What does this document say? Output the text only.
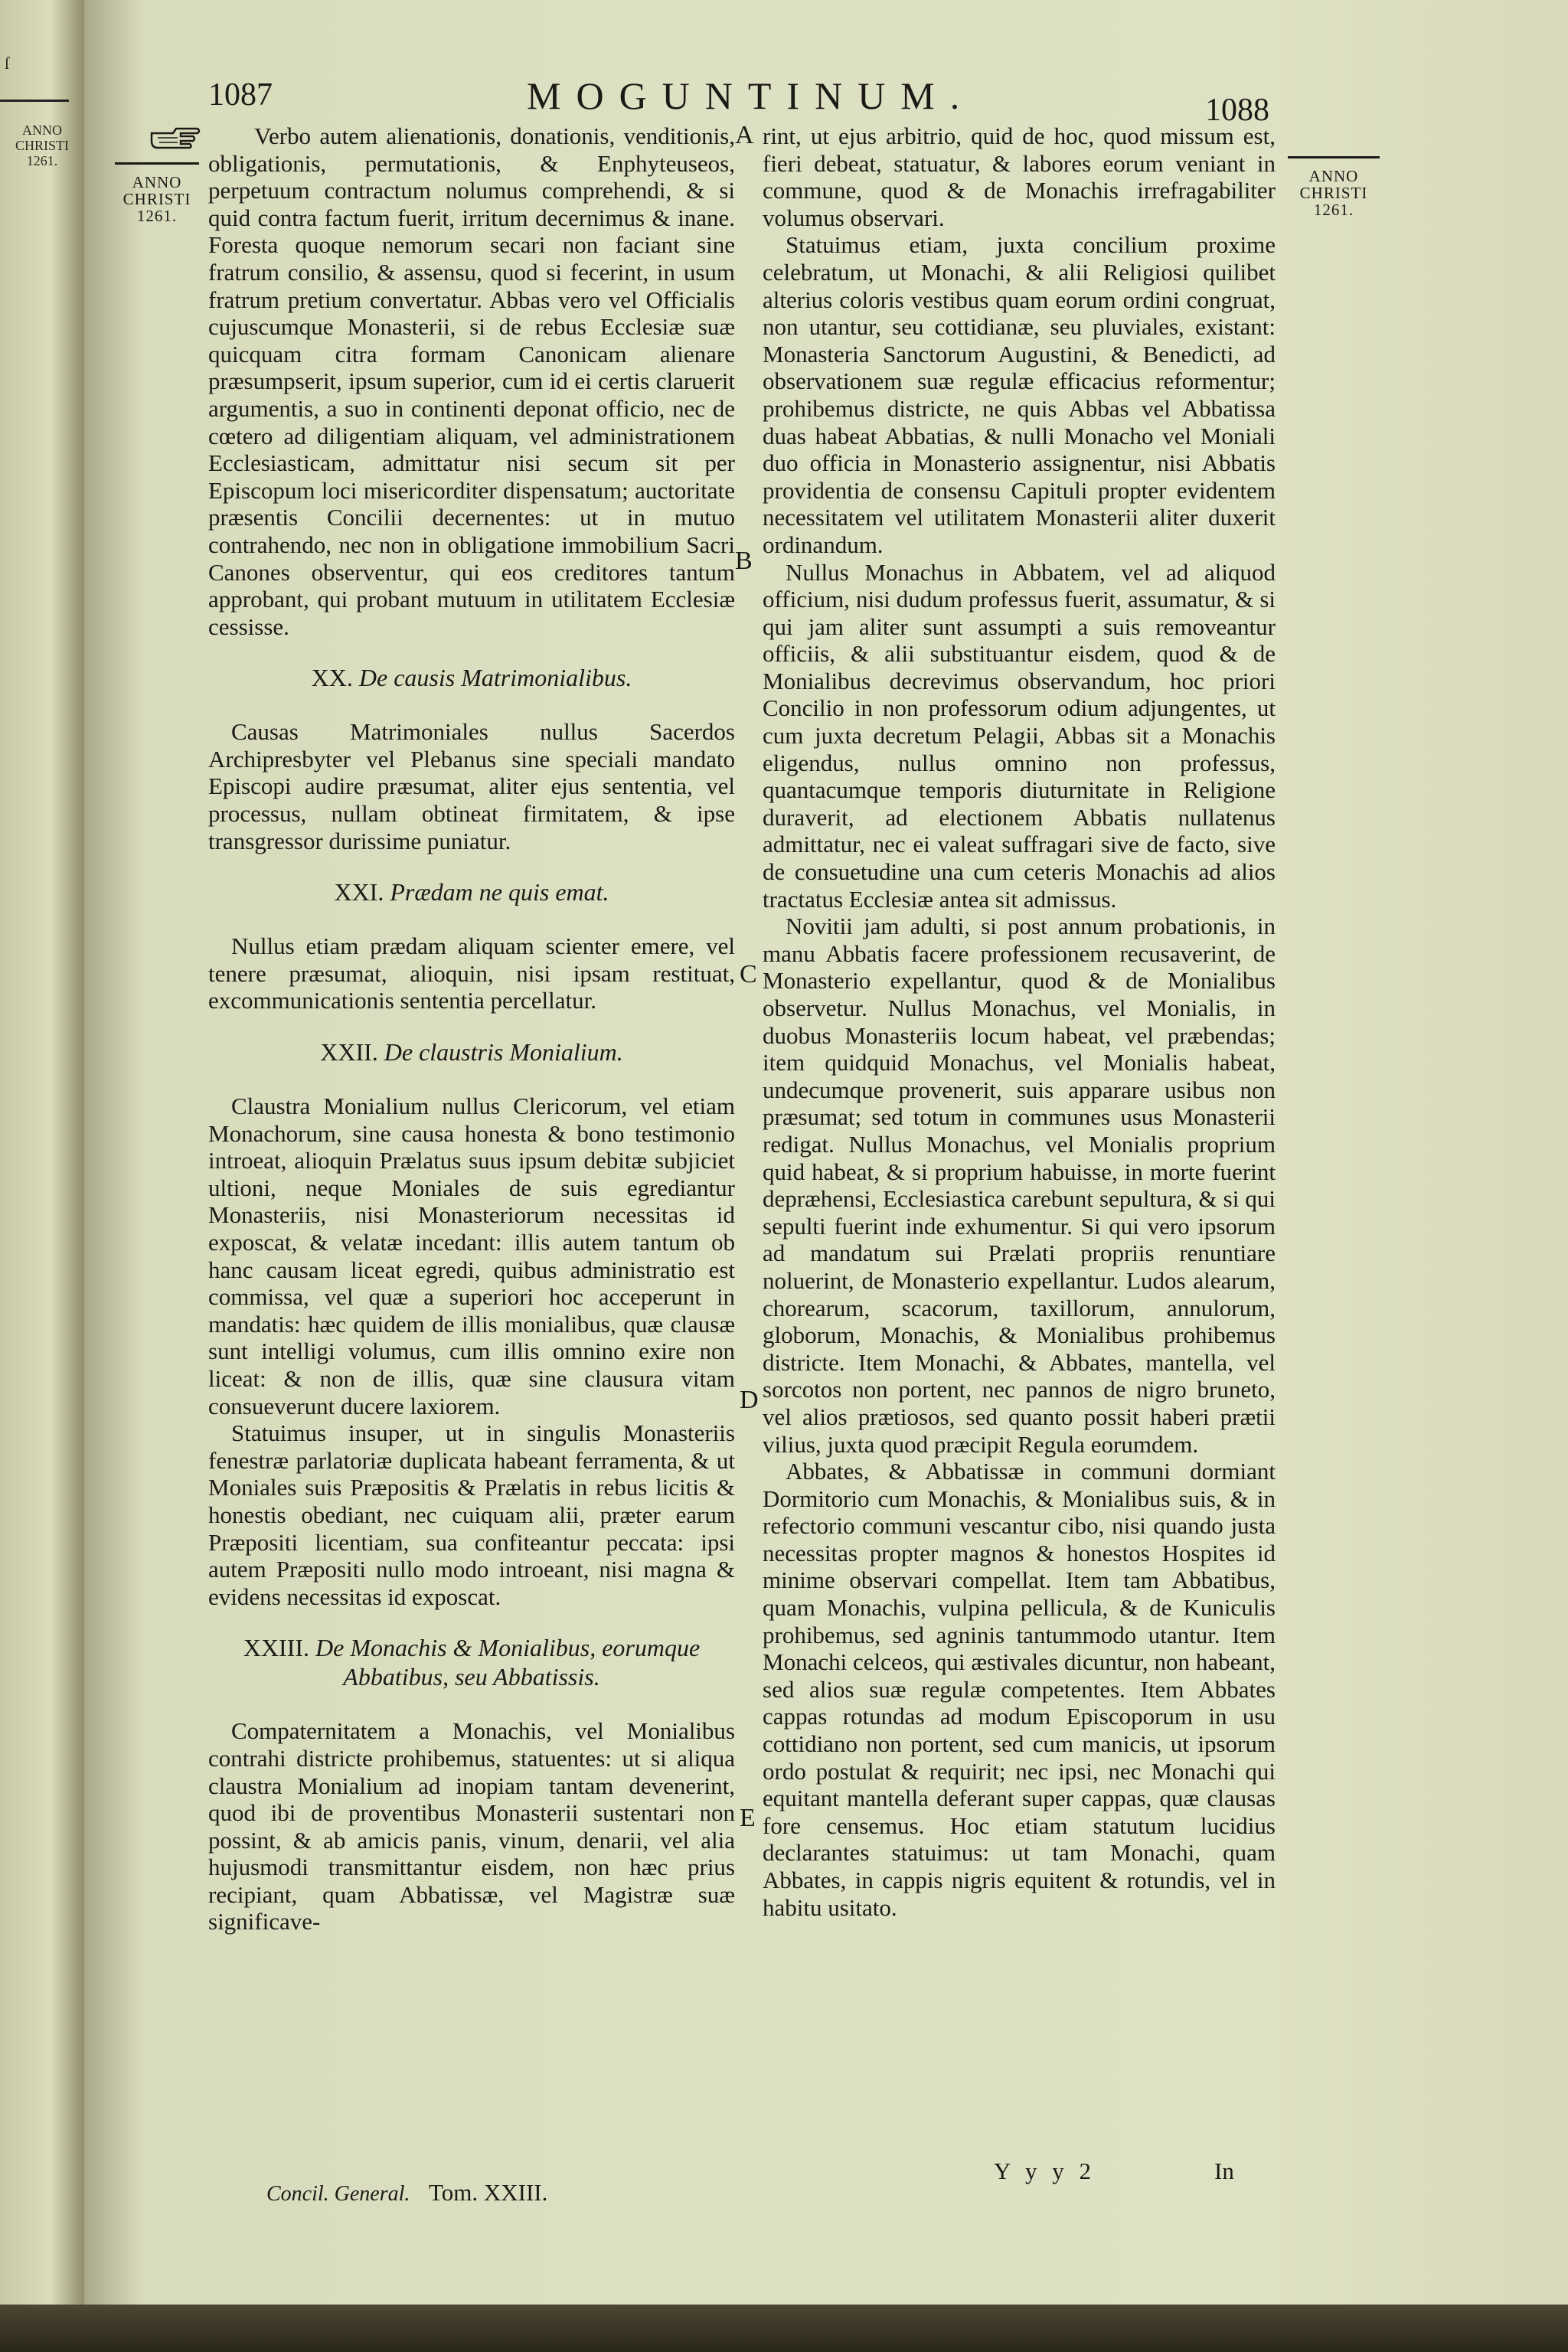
ſ
ANNO
CHRISTI
1261.
1087	MOGUNTINUM.	1088
ANNO
CHRISTI
1261.
ANNO
CHRISTI
1261.
A
B
C
D
E

Verbo autem alienationis, donationis, venditionis, obligationis, permutationis, & Enphyteuseos, perpetuum contractum nolumus comprehendi, & si quid contra factum fuerit, irritum decernimus & inane. Foresta quoque nemorum secari non faciant sine fratrum consilio, & assensu, quod si fecerint, in usum fratrum pretium convertatur. Abbas vero vel Officialis cujuscumque Monasterii, si de rebus Ecclesiæ suæ quicquam citra formam Canonicam alienare præsumpserit, ipsum superior, cum id ei certis claruerit argumentis, a suo in continenti deponat officio, nec de cœtero ad diligentiam aliquam, vel administrationem Ecclesiasticam, admittatur nisi secum sit per Episcopum loci misericorditer dispensatum; auctoritate præsentis Concilii decernentes: ut in mutuo contrahendo, nec non in obligatione immobilium Sacri Canones observentur, qui eos creditores tantum approbant, qui probant mutuum in utilitatem Ecclesiæ cessisse.

XX. De causis Matrimonialibus.

Causas Matrimoniales nullus Sacerdos Archipresbyter vel Plebanus sine speciali mandato Episcopi audire præsumat, aliter ejus sententia, vel processus, nullam obtineat firmitatem, & ipse transgressor durissime puniatur.

XXI. Prædam ne quis emat.

Nullus etiam prædam aliquam scienter emere, vel tenere præsumat, alioquin, nisi ipsam restituat, excommunicationis sententia percellatur.

XXII. De claustris Monialium.

Claustra Monialium nullus Clericorum, vel etiam Monachorum, sine causa honesta & bono testimonio introeat, alioquin Prælatus suus ipsum debitæ subjiciet ultioni, neque Moniales de suis egrediantur Monasteriis, nisi Monasteriorum necessitas id exposcat, & velatæ incedant: illis autem tantum ob hanc causam liceat egredi, quibus administratio est commissa, vel quæ a superiori hoc acceperunt in mandatis: hæc quidem de illis monialibus, quæ clausæ sunt intelligi volumus, cum illis omnino exire non liceat: & non de illis, quæ sine clausura vitam consueverunt ducere laxiorem.

Statuimus insuper, ut in singulis Monasteriis fenestræ parlatoriæ duplicata habeant ferramenta, & ut Moniales suis Præpositis & Prælatis in rebus licitis & honestis obediant, nec cuiquam alii, præter earum Præpositi licentiam, sua confiteantur peccata: ipsi autem Præpositi nullo modo introeant, nisi magna & evidens necessitas id exposcat.

XXIII. De Monachis & Monialibus, eorumque Abbatibus, seu Abbatissis.

Compaternitatem a Monachis, vel Monialibus contrahi districte prohibemus, statuentes: ut si aliqua claustra Monialium ad inopiam tantam devenerint, quod ibi de proventibus Monasterii sustentari non possint, & ab amicis panis, vinum, denarii, vel alia hujusmodi transmittantur eisdem, non hæc prius recipiant, quam Abbatissæ, vel Magistræ suæ significave-

rint, ut ejus arbitrio, quid de hoc, quod missum est, fieri debeat, statuatur, & labores eorum veniant in commune, quod & de Monachis irrefragabiliter volumus observari.

Statuimus etiam, juxta concilium proxime celebratum, ut Monachi, & alii Religiosi quilibet alterius coloris vestibus quam eorum ordini congruat, non utantur, seu cottidianæ, seu pluviales, existant: Monasteria Sanctorum Augustini, & Benedicti, ad observationem suæ regulæ efficacius reformentur; prohibemus districte, ne quis Abbas vel Abbatissa duas habeat Abbatias, & nulli Monacho vel Moniali duo officia in Monasterio assignentur, nisi Abbatis providentia de consensu Capituli propter evidentem necessitatem vel utilitatem Monasterii aliter duxerit ordinandum.

Nullus Monachus in Abbatem, vel ad aliquod officium, nisi dudum professus fuerit, assumatur, & si qui jam aliter sunt assumpti a suis removeantur officiis, & alii substituantur eisdem, quod & de Monialibus decrevimus observandum, hoc priori Concilio in non professorum odium adjungentes, ut cum juxta decretum Pelagii, Abbas sit a Monachis eligendus, nullus omnino non professus, quantacumque temporis diuturnitate in Religione duraverit, ad electionem Abbatis nullatenus admittatur, nec ei valeat suffragari sive de facto, sive de consuetudine una cum ceteris Monachis ad alios tractatus Ecclesiæ antea sit admissus.

Novitii jam adulti, si post annum probationis, in manu Abbatis facere professionem recusaverint, de Monasterio expellantur, quod & de Monialibus observetur. Nullus Monachus, vel Monialis, in duobus Monasteriis locum habeat, vel præbendas; item quidquid Monachus, vel Monialis habeat, undecumque provenerit, suis apparare usibus non præsumat; sed totum in communes usus Monasterii redigat. Nullus Monachus, vel Monialis proprium quid habeat, & si proprium habuisse, in morte fuerint depræhensi, Ecclesiastica carebunt sepultura, & si qui sepulti fuerint inde exhumentur. Si qui vero ipsorum ad mandatum sui Prælati propriis renuntiare noluerint, de Monasterio expellantur. Ludos alearum, chorearum, scacorum, taxillorum, annulorum, globorum, Monachis, & Monialibus prohibemus districte. Item Monachi, & Abbates, mantella, vel sorcotos non portent, nec pannos de nigro bruneto, vel alios prætiosos, sed quanto possit haberi prætii vilius, juxta quod præcipit Regula eorumdem.

Abbates, & Abbatissæ in communi dormiant Dormitorio cum Monachis, & Monialibus suis, & in refectorio communi vescantur cibo, nisi quando justa necessitas propter magnos & honestos Hospites id minime observari compellat. Item tam Abbatibus, quam Monachis, vulpina pellicula, & de Kuniculis prohibemus, sed agninis tantummodo utantur. Item Monachi celceos, qui æstivales dicuntur, non habeant, sed alios suæ regulæ competentes. Item Abbates cappas rotundas ad modum Episcoporum in usu cottidiano non portent, sed cum manicis, ut ipsorum ordo postulat & requirit; nec ipsi, nec Monachi qui equitant mantella deferant super cappas, quæ clausas fore censemus. Hoc etiam statutum lucidius declarantes statuimus: ut tam Monachi, quam Abbates, in cappis nigris equitent & rotundis, vel in habitu usitato.

Concil. General. Tom. XXIII.
Y y y 2	In
